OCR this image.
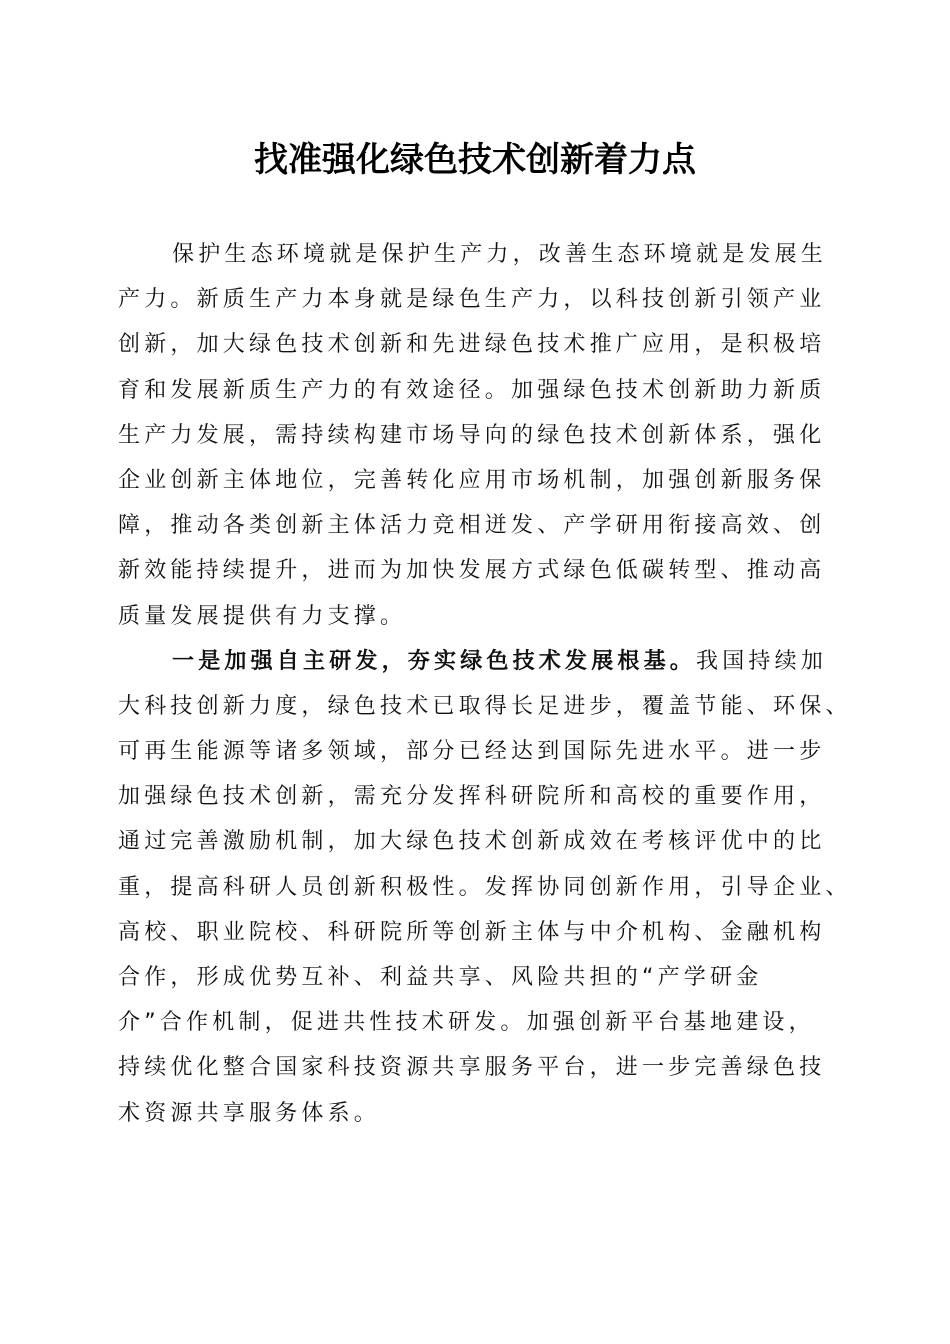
找准强化绿色技术创新着力点
保护生态环境就是保护生产力，改善生态环境就是发展生
产力。新质生产力本身就是绿色生产力，以科技创新引领产业
创新，加大绿色技术创新和先进绿色技术推广应用，是积极培
育和发展新质生产力的有效途径。加强绿色技术创新助力新质
生产力发展，需持续构建市场导向的绿色技术创新体系，强化
企业创新主体地位，完善转化应用市场机制，加强创新服务保
障，推动各类创新主体活力竞相迸发、产学研用衔接高效、创
新效能持续提升，进而为加快发展方式绿色低碳转型、推动高
质量发展提供有力支撑。
一是加强自主研发，夯实绿色技术发展根基。我国持续加
大科技创新力度，绿色技术已取得长足进步，覆盖节能、环保、
可再生能源等诸多领域，部分已经达到国际先进水平。进一步
加强绿色技术创新，需充分发挥科研院所和高校的重要作用，
通过完善激励机制，加大绿色技术创新成效在考核评优中的比
重，提高科研人员创新积极性。发挥协同创新作用，引导企业、
高校、职业院校、科研院所等创新主体与中介机构、金融机构
合作，形成优势互补、利益共享、风险共担的“产学研金
介”合作机制，促进共性技术研发。加强创新平台基地建设，
持续优化整合国家科技资源共享服务平台，进一步完善绿色技
术资源共享服务体系。
